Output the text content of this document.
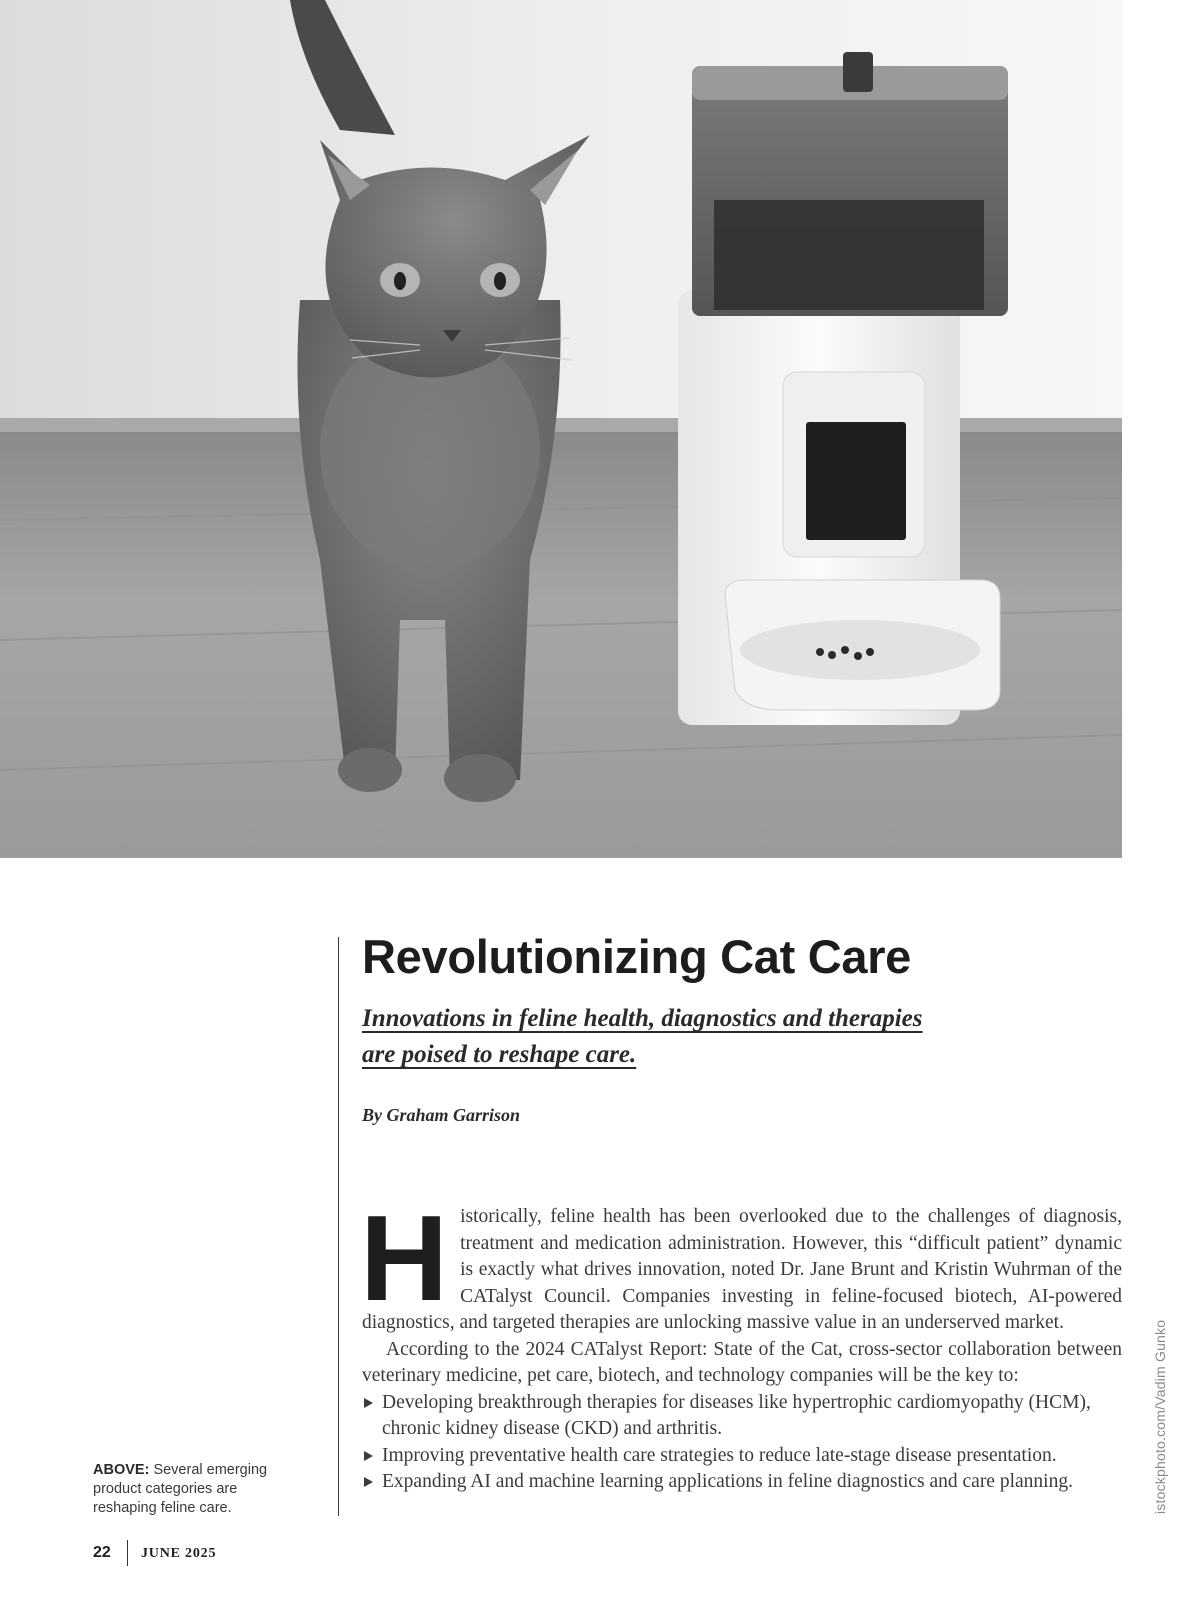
istockphoto.com/Vadim Gunko
Revolutionizing Cat Care
Innovations in feline health, diagnostics and therapies
are poised to reshape care.
By Graham Garrison
H istorically, feline health has been overlooked due to the challenges of diagnosis, treatment and medication administration. However, this “difficult patient” dynamic is exactly what drives innovation, noted Dr. Jane Brunt and Kristin Wuhrman of the CATalyst Council. Companies investing in feline-focused biotech, AI-powered diagnostics, and targeted therapies are unlocking massive value in an underserved market.

According to the 2024 CATalyst Report: State of the Cat, cross-sector collaboration between veterinary medicine, pet care, biotech, and technology companies will be the key to:

Developing breakthrough therapies for diseases like hypertrophic cardiomyopathy (HCM), chronic kidney disease (CKD) and arthritis.
Improving preventative health care strategies to reduce late-stage disease presentation.
Expanding AI and machine learning applications in feline diagnostics and care planning.
ABOVE: Several emerging product categories are reshaping feline care.
22 JUNE 2025
